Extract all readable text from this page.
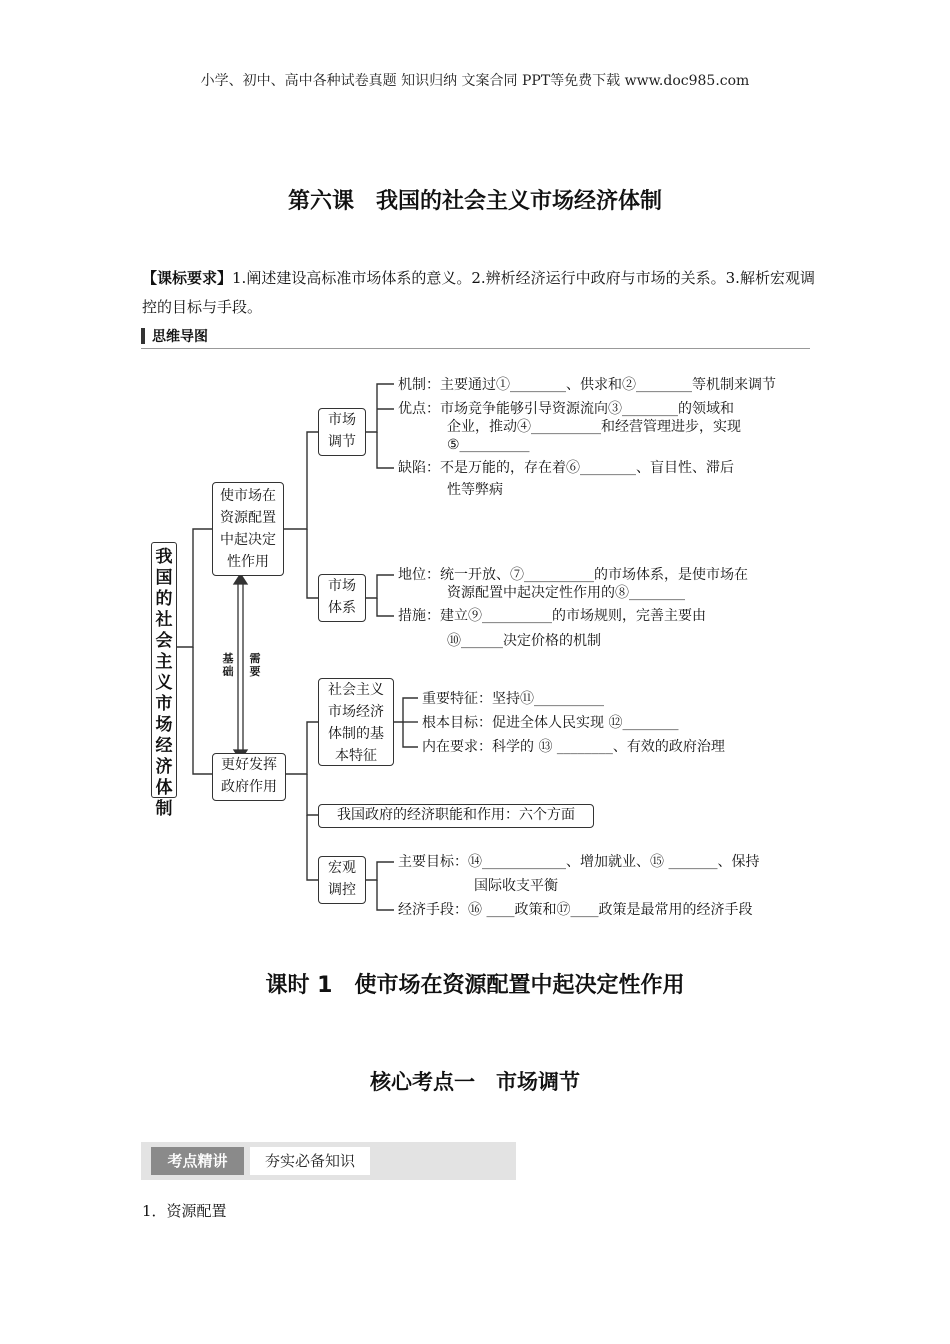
小学、初中、高中各种试卷真题 知识归纳 文案合同 PPT等免费下载 www.doc985.com
第六课　我国的社会主义市场经济体制
【课标要求】1.阐述建设高标准市场体系的意义。2.辨析经济运行中政府与市场的关系。3.解析宏观调控的目标与手段。
思维导图
我
国
的
社
会
主
义
市
场
经
济
体
制
使市场在
资源配置
中起决定
性作用
基
础
需
要
更好发挥
政府作用
市场
调节
机制：主要通过①________、供求和②________等机制来调节
优点：市场竞争能够引导资源流向③________的领域和
企业，推动④__________和经营管理进步，实现
⑤__________
缺陷：不是万能的，存在着⑥________、盲目性、滞后
性等弊病
市场
体系
地位：统一开放、⑦__________的市场体系，是使市场在
资源配置中起决定性作用的⑧________
措施：建立⑨__________的市场规则，完善主要由
⑩______决定价格的机制
社会主义
市场经济
体制的基
本特征
重要特征：坚持⑪__________
根本目标：促进全体人民实现 ⑫________
内在要求：科学的 ⑬ ________、有效的政府治理
我国政府的经济职能和作用：六个方面
宏观
调控
主要目标：⑭____________、增加就业、⑮ _______、保持
国际收支平衡
经济手段：⑯ ____政策和⑰____政策是最常用的经济手段
课时 1　使市场在资源配置中起决定性作用
核心考点一　市场调节
考点精讲	夯实必备知识
1．资源配置
